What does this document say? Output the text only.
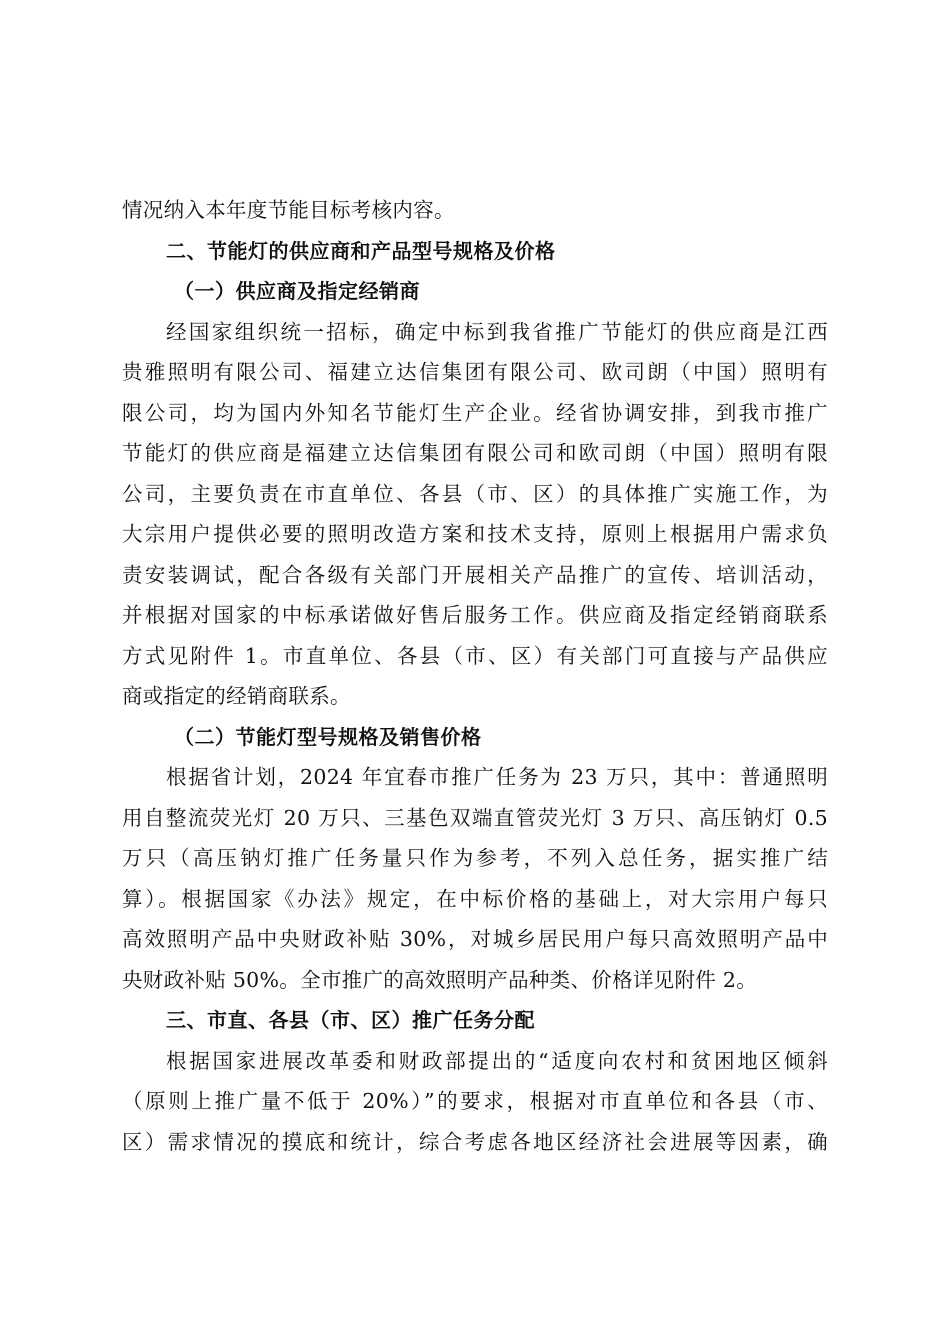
情况纳入本年度节能目标考核内容。
二、节能灯的供应商和产品型号规格及价格
（一）供应商及指定经销商
经国家组织统一招标，确定中标到我省推广节能灯的供应商是江西
贵雅照明有限公司、福建立达信集团有限公司、欧司朗（中国）照明有
限公司，均为国内外知名节能灯生产企业。经省协调安排，到我市推广
节能灯的供应商是福建立达信集团有限公司和欧司朗（中国）照明有限
公司，主要负责在市直单位、各县（市、区）的具体推广实施工作，为
大宗用户提供必要的照明改造方案和技术支持，原则上根据用户需求负
责安装调试，配合各级有关部门开展相关产品推广的宣传、培训活动，
并根据对国家的中标承诺做好售后服务工作。供应商及指定经销商联系
方式见附件 1。市直单位、各县（市、区）有关部门可直接与产品供应
商或指定的经销商联系。
（二）节能灯型号规格及销售价格
根据省计划，2024 年宜春市推广任务为 23 万只，其中：普通照明
用自整流荧光灯 20 万只、三基色双端直管荧光灯 3 万只、高压钠灯 0.5
万只（高压钠灯推广任务量只作为参考，不列入总任务，据实推广结
算）。根据国家《办法》规定，在中标价格的基础上，对大宗用户每只
高效照明产品中央财政补贴 30%，对城乡居民用户每只高效照明产品中
央财政补贴 50%。全市推广的高效照明产品种类、价格详见附件 2。
三、市直、各县（市、区）推广任务分配
根据国家进展改革委和财政部提出的“适度向农村和贫困地区倾斜
（原则上推广量不低于 20%）”的要求，根据对市直单位和各县（市、
区）需求情况的摸底和统计，综合考虑各地区经济社会进展等因素，确
